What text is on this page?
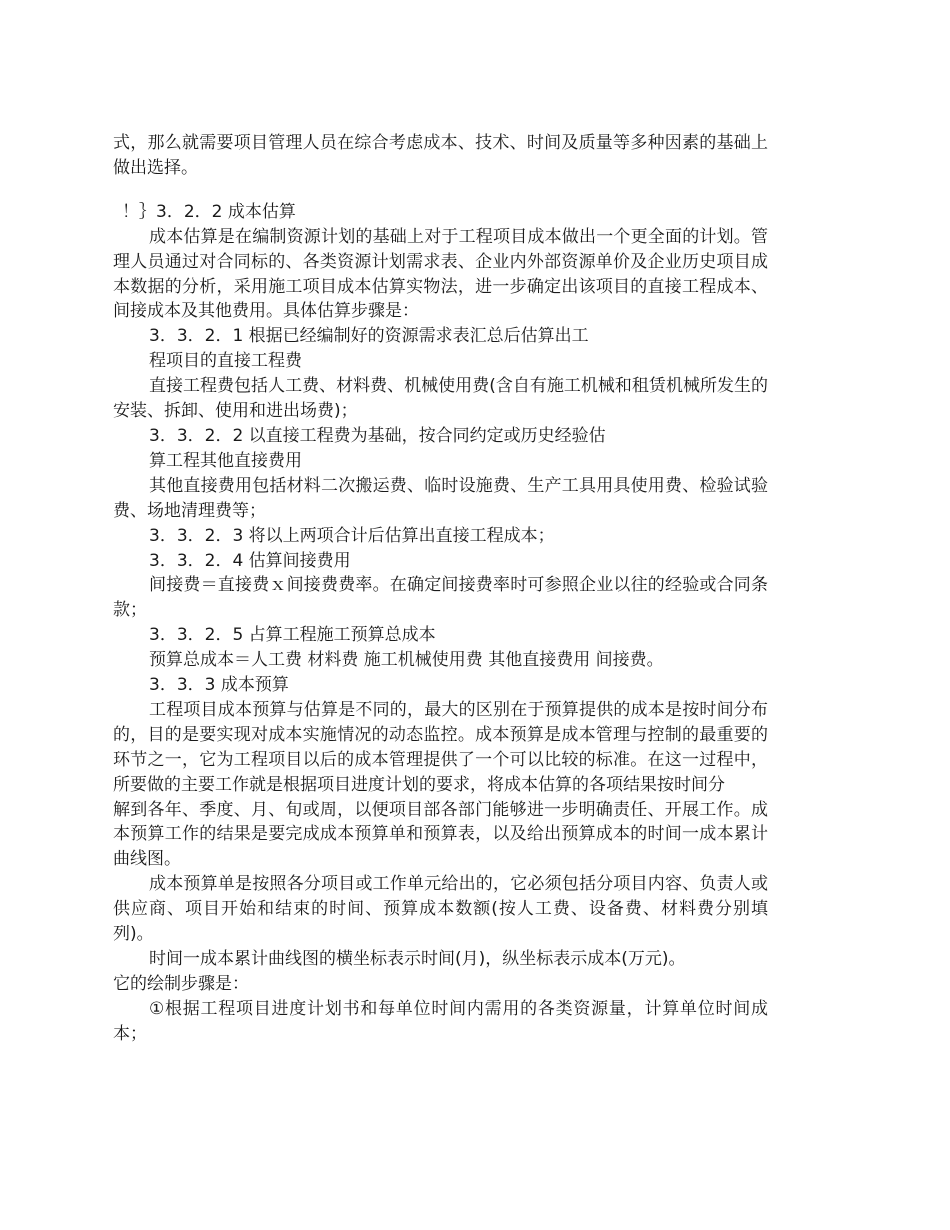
式，那么就需要项目管理人员在综合考虑成本、技术、时间及质量等多种因素的基础上做出选择。

！｝3．2．2 成本估算

成本估算是在编制资源计划的基础上对于工程项目成本做出一个更全面的计划。管理人员通过对合同标的、各类资源计划需求表、企业内外部资源单价及企业历史项目成本数据的分析，采用施工项目成本估算实物法，进一步确定出该项目的直接工程成本、间接成本及其他费用。具体估算步骤是：

3．3．2．1 根据已经编制好的资源需求表汇总后估算出工

程项目的直接工程费

直接工程费包括人工费、材料费、机械使用费(含自有施工机械和租赁机械所发生的安装、拆卸、使用和进出场费)；

3．3．2．2 以直接工程费为基础，按合同约定或历史经验估

算工程其他直接费用

其他直接费用包括材料二次搬运费、临时设施费、生产工具用具使用费、检验试验费、场地清理费等；

3．3．2．3 将以上两项合计后估算出直接工程成本；

3．3．2．4 估算间接费用

间接费＝直接费ｘ间接费费率。在确定间接费率时可参照企业以往的经验或合同条款；

3．3．2．5 占算工程施工预算总成本

预算总成本＝人工费 材料费 施工机械使用费 其他直接费用 间接费。

3．3．3 成本预算

工程项目成本预算与估算是不同的，最大的区别在于预算提供的成本是按时间分布的，目的是要实现对成本实施情况的动态监控。成本预算是成本管理与控制的最重要的环节之一，它为工程项目以后的成本管理提供了一个可以比较的标准。在这一过程中，所要做的主要工作就是根据项目进度计划的要求，将成本估算的各项结果按时间分

解到各年、季度、月、旬或周，以便项目部各部门能够进一步明确责任、开展工作。成本预算工作的结果是要完成成本预算单和预算表，以及给出预算成本的时间一成本累计曲线图。

成本预算单是按照各分项目或工作单元给出的，它必须包括分项目内容、负责人或供应商、项目开始和结束的时间、预算成本数额(按人工费、设备费、材料费分别填列)。

时间一成本累计曲线图的横坐标表示时间(月)，纵坐标表示成本(万元)。

它的绘制步骤是：

①根据工程项目进度计划书和每单位时间内需用的各类资源量，计算单位时间成本；
